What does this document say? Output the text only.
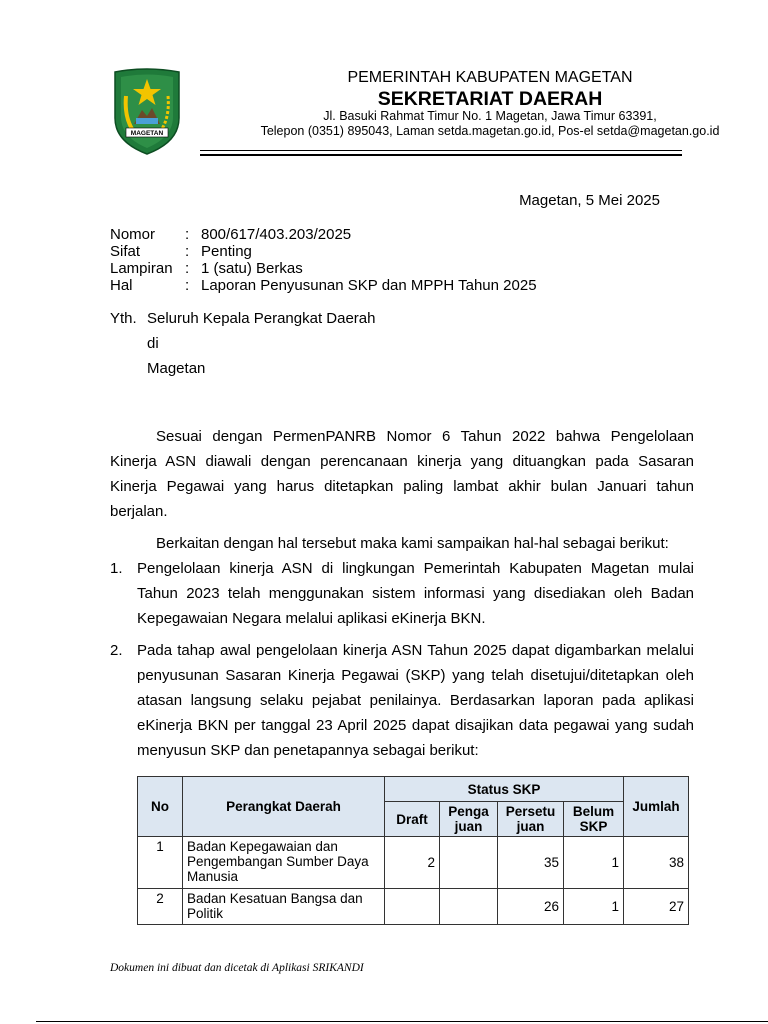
MAGETAN
PEMERINTAH KABUPATEN MAGETAN
SEKRETARIAT DAERAH
Jl. Basuki Rahmat Timur No. 1 Magetan, Jawa Timur 63391,
Telepon (0351) 895043, Laman setda.magetan.go.id, Pos-el setda@magetan.go.id
Magetan, 5 Mei 2025
Nomor	: 800/617/403.203/2025
Sifat	: Penting
Lampiran : 1 (satu) Berkas
Hal	: Laporan Penyusunan SKP dan MPPH Tahun 2025
Yth. Seluruh Kepala Perangkat Daerah
di
Magetan
Sesuai dengan PermenPANRB Nomor 6 Tahun 2022 bahwa Pengelolaan Kinerja ASN diawali dengan perencanaan kinerja yang dituangkan pada Sasaran Kinerja Pegawai yang harus ditetapkan paling lambat akhir bulan Januari tahun berjalan.
Berkaitan dengan hal tersebut maka kami sampaikan hal-hal sebagai berikut:
1. Pengelolaan kinerja ASN di lingkungan Pemerintah Kabupaten Magetan mulai Tahun 2023 telah menggunakan sistem informasi yang disediakan oleh Badan Kepegawaian Negara melalui aplikasi eKinerja BKN.
2. Pada tahap awal pengelolaan kinerja ASN Tahun 2025 dapat digambarkan melalui penyusunan Sasaran Kinerja Pegawai (SKP) yang telah disetujui/ditetapkan oleh atasan langsung selaku pejabat penilainya. Berdasarkan laporan pada aplikasi eKinerja BKN per tanggal 23 April 2025 dapat disajikan data pegawai yang sudah menyusun SKP dan penetapannya sebagai berikut:
No	Perangkat Daerah	Status SKP				Jumlah
		Draft	Penga juan	Persetu juan	Belum SKP	
1	Badan Kepegawaian dan Pengembangan Sumber Daya Manusia	2		35	1	38
2	Badan Kesatuan Bangsa dan Politik			26	1	27
Dokumen ini dibuat dan dicetak di Aplikasi SRIKANDI
